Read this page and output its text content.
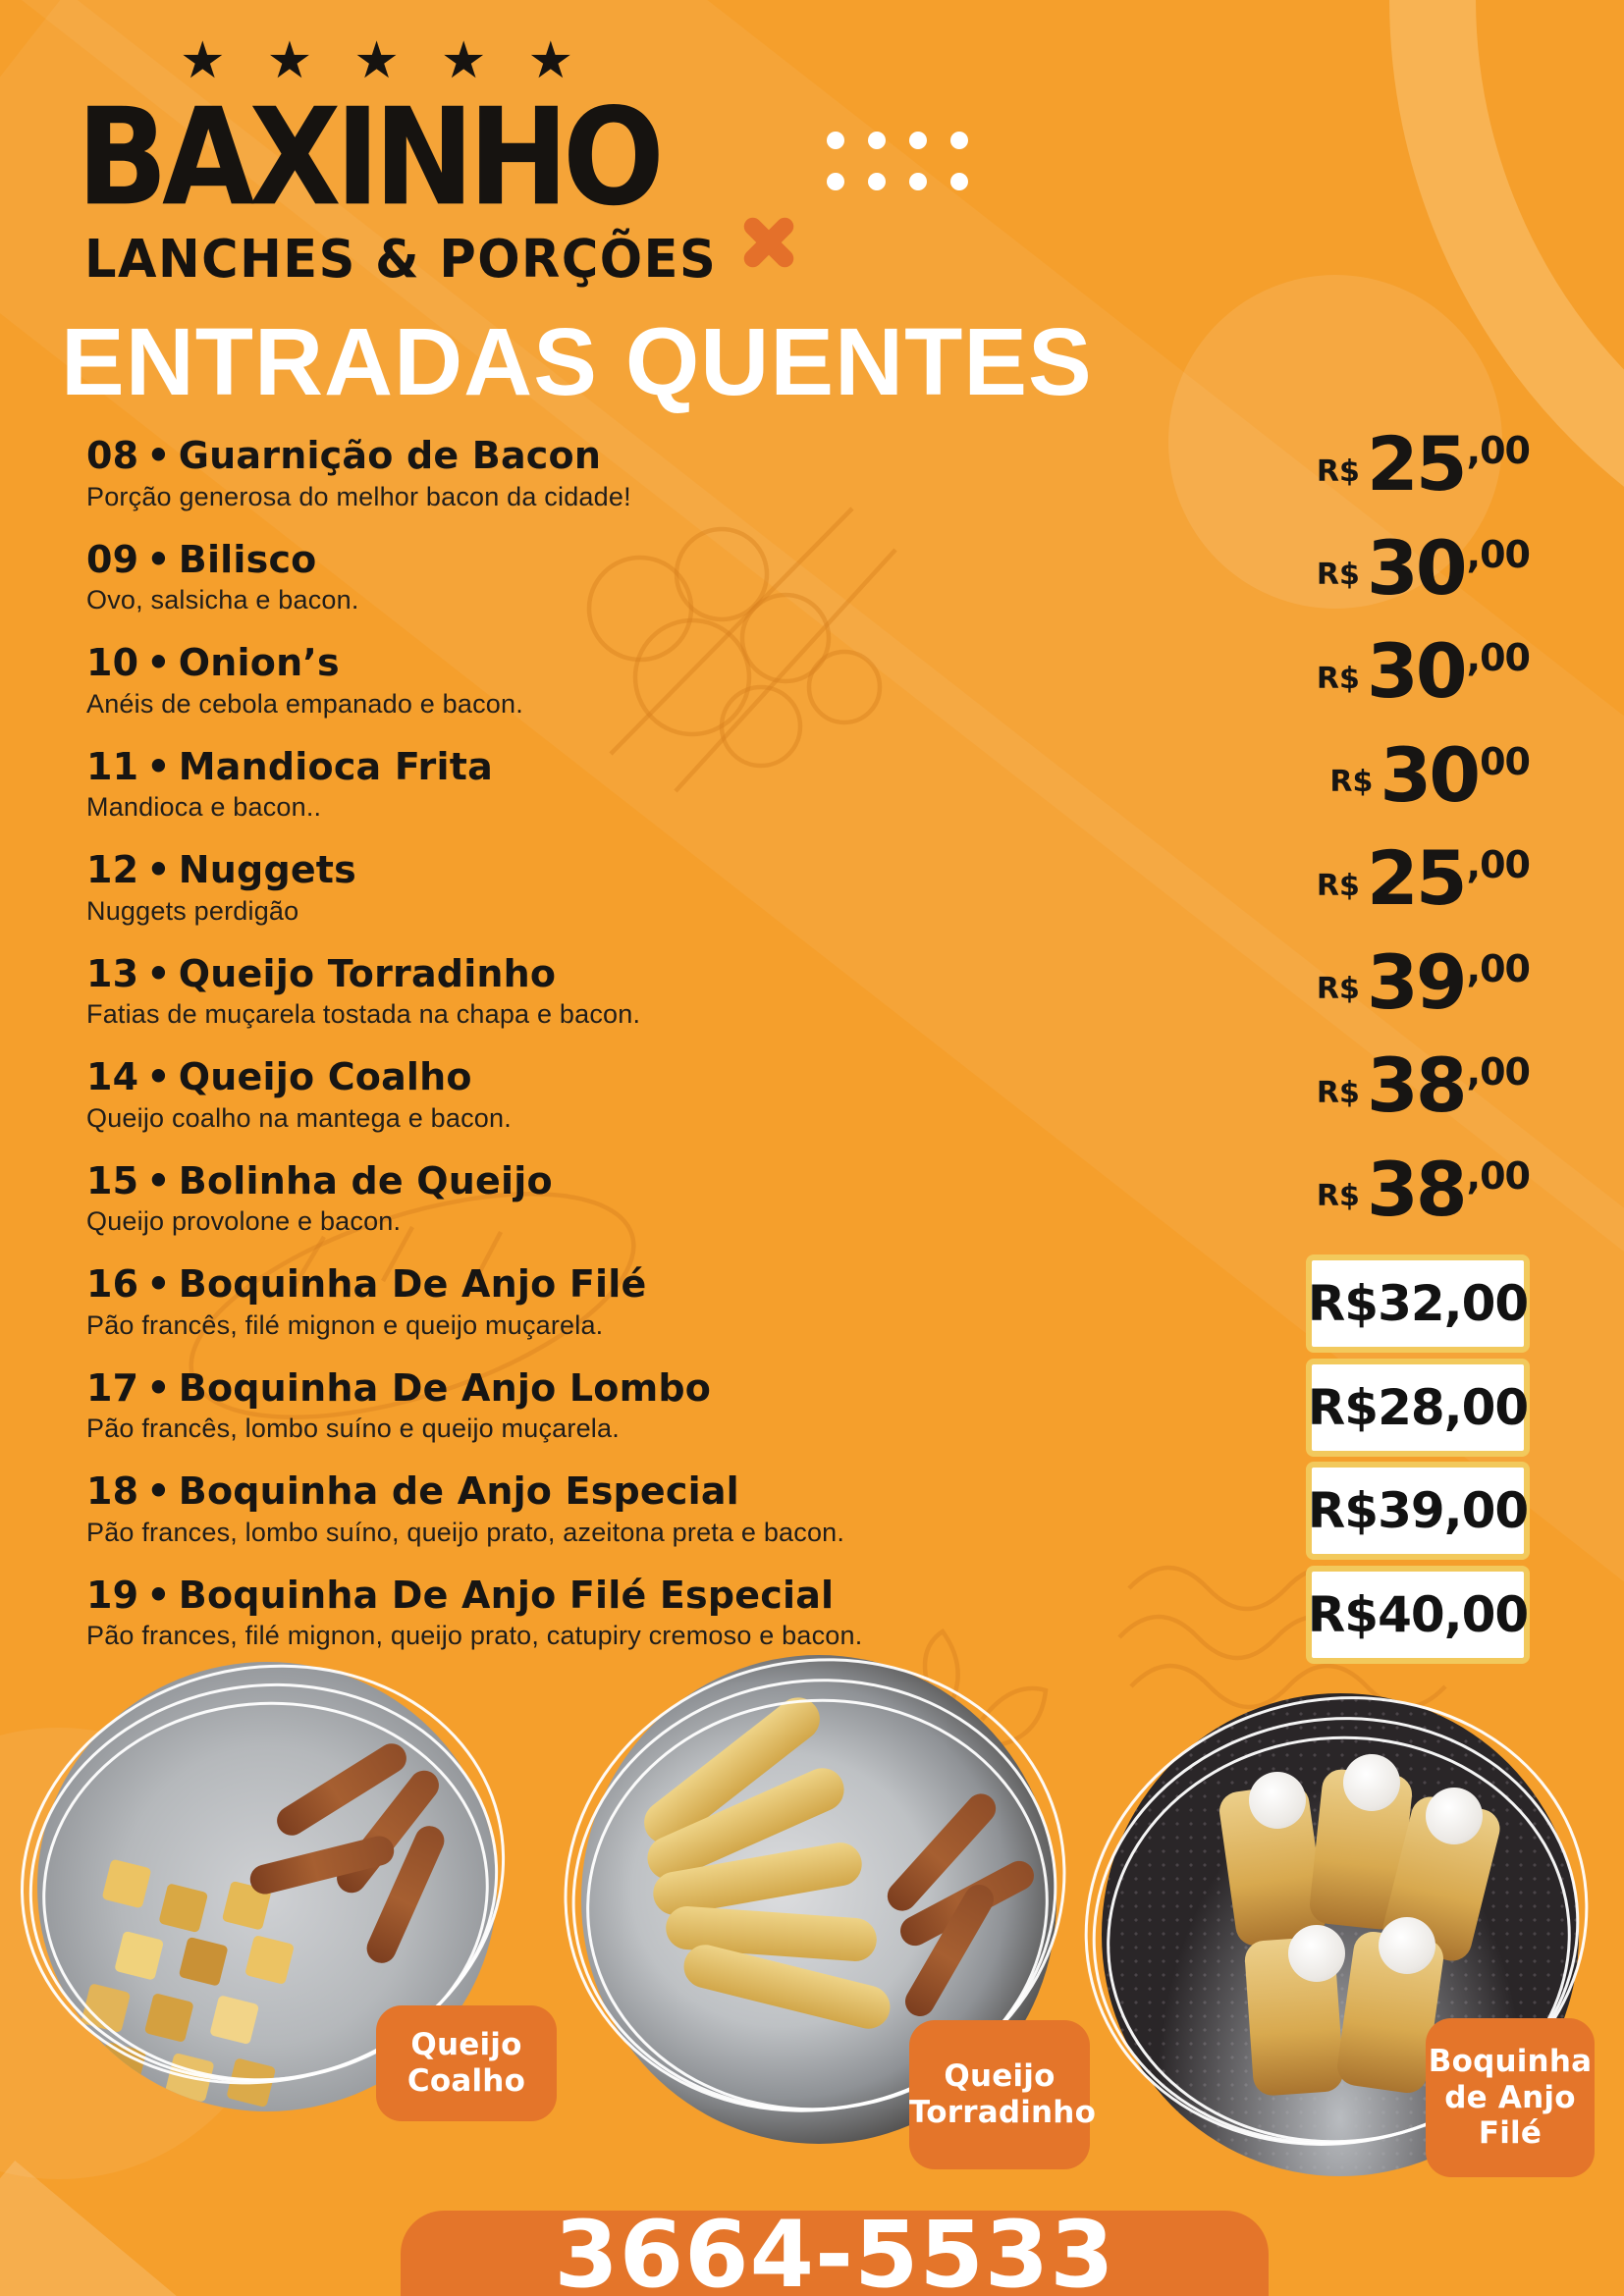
★ ★ ★ ★ ★
BAXINHO
LANCHES & PORÇÕES
ENTRADAS QUENTES
08 • Guarnição de Bacon
Porção generosa do melhor bacon da cidade!
R$ 25 ,00
09 • Bilisco
Ovo, salsicha e bacon.
R$ 30 ,00
10 • Onion’s
Anéis de cebola empanado e bacon.
R$ 30 ,00
11 • Mandioca Frita
Mandioca e bacon..
R$ 30 00
12 • Nuggets
Nuggets perdigão
R$ 25 ,00
13 • Queijo Torradinho
Fatias de muçarela tostada na chapa e bacon.
R$ 39 ,00
14 • Queijo Coalho
Queijo coalho na mantega e bacon.
R$ 38 ,00
15 • Bolinha de Queijo
Queijo provolone e bacon.
R$ 38 ,00
16 • Boquinha De Anjo Filé
Pão francês, filé mignon e queijo muçarela.	R$32,00
17 • Boquinha De Anjo Lombo
Pão francês, lombo suíno e queijo muçarela.	R$28,00
18 • Boquinha de Anjo Especial
Pão frances, lombo suíno, queijo prato, azeitona preta e bacon.	R$39,00
19 • Boquinha De Anjo Filé Especial
Pão frances, filé mignon, queijo prato, catupiry cremoso e bacon.	R$40,00
Queijo
Coalho	Queijo
Torradinho
Boquinha
de Anjo
Filé
3664-5533
